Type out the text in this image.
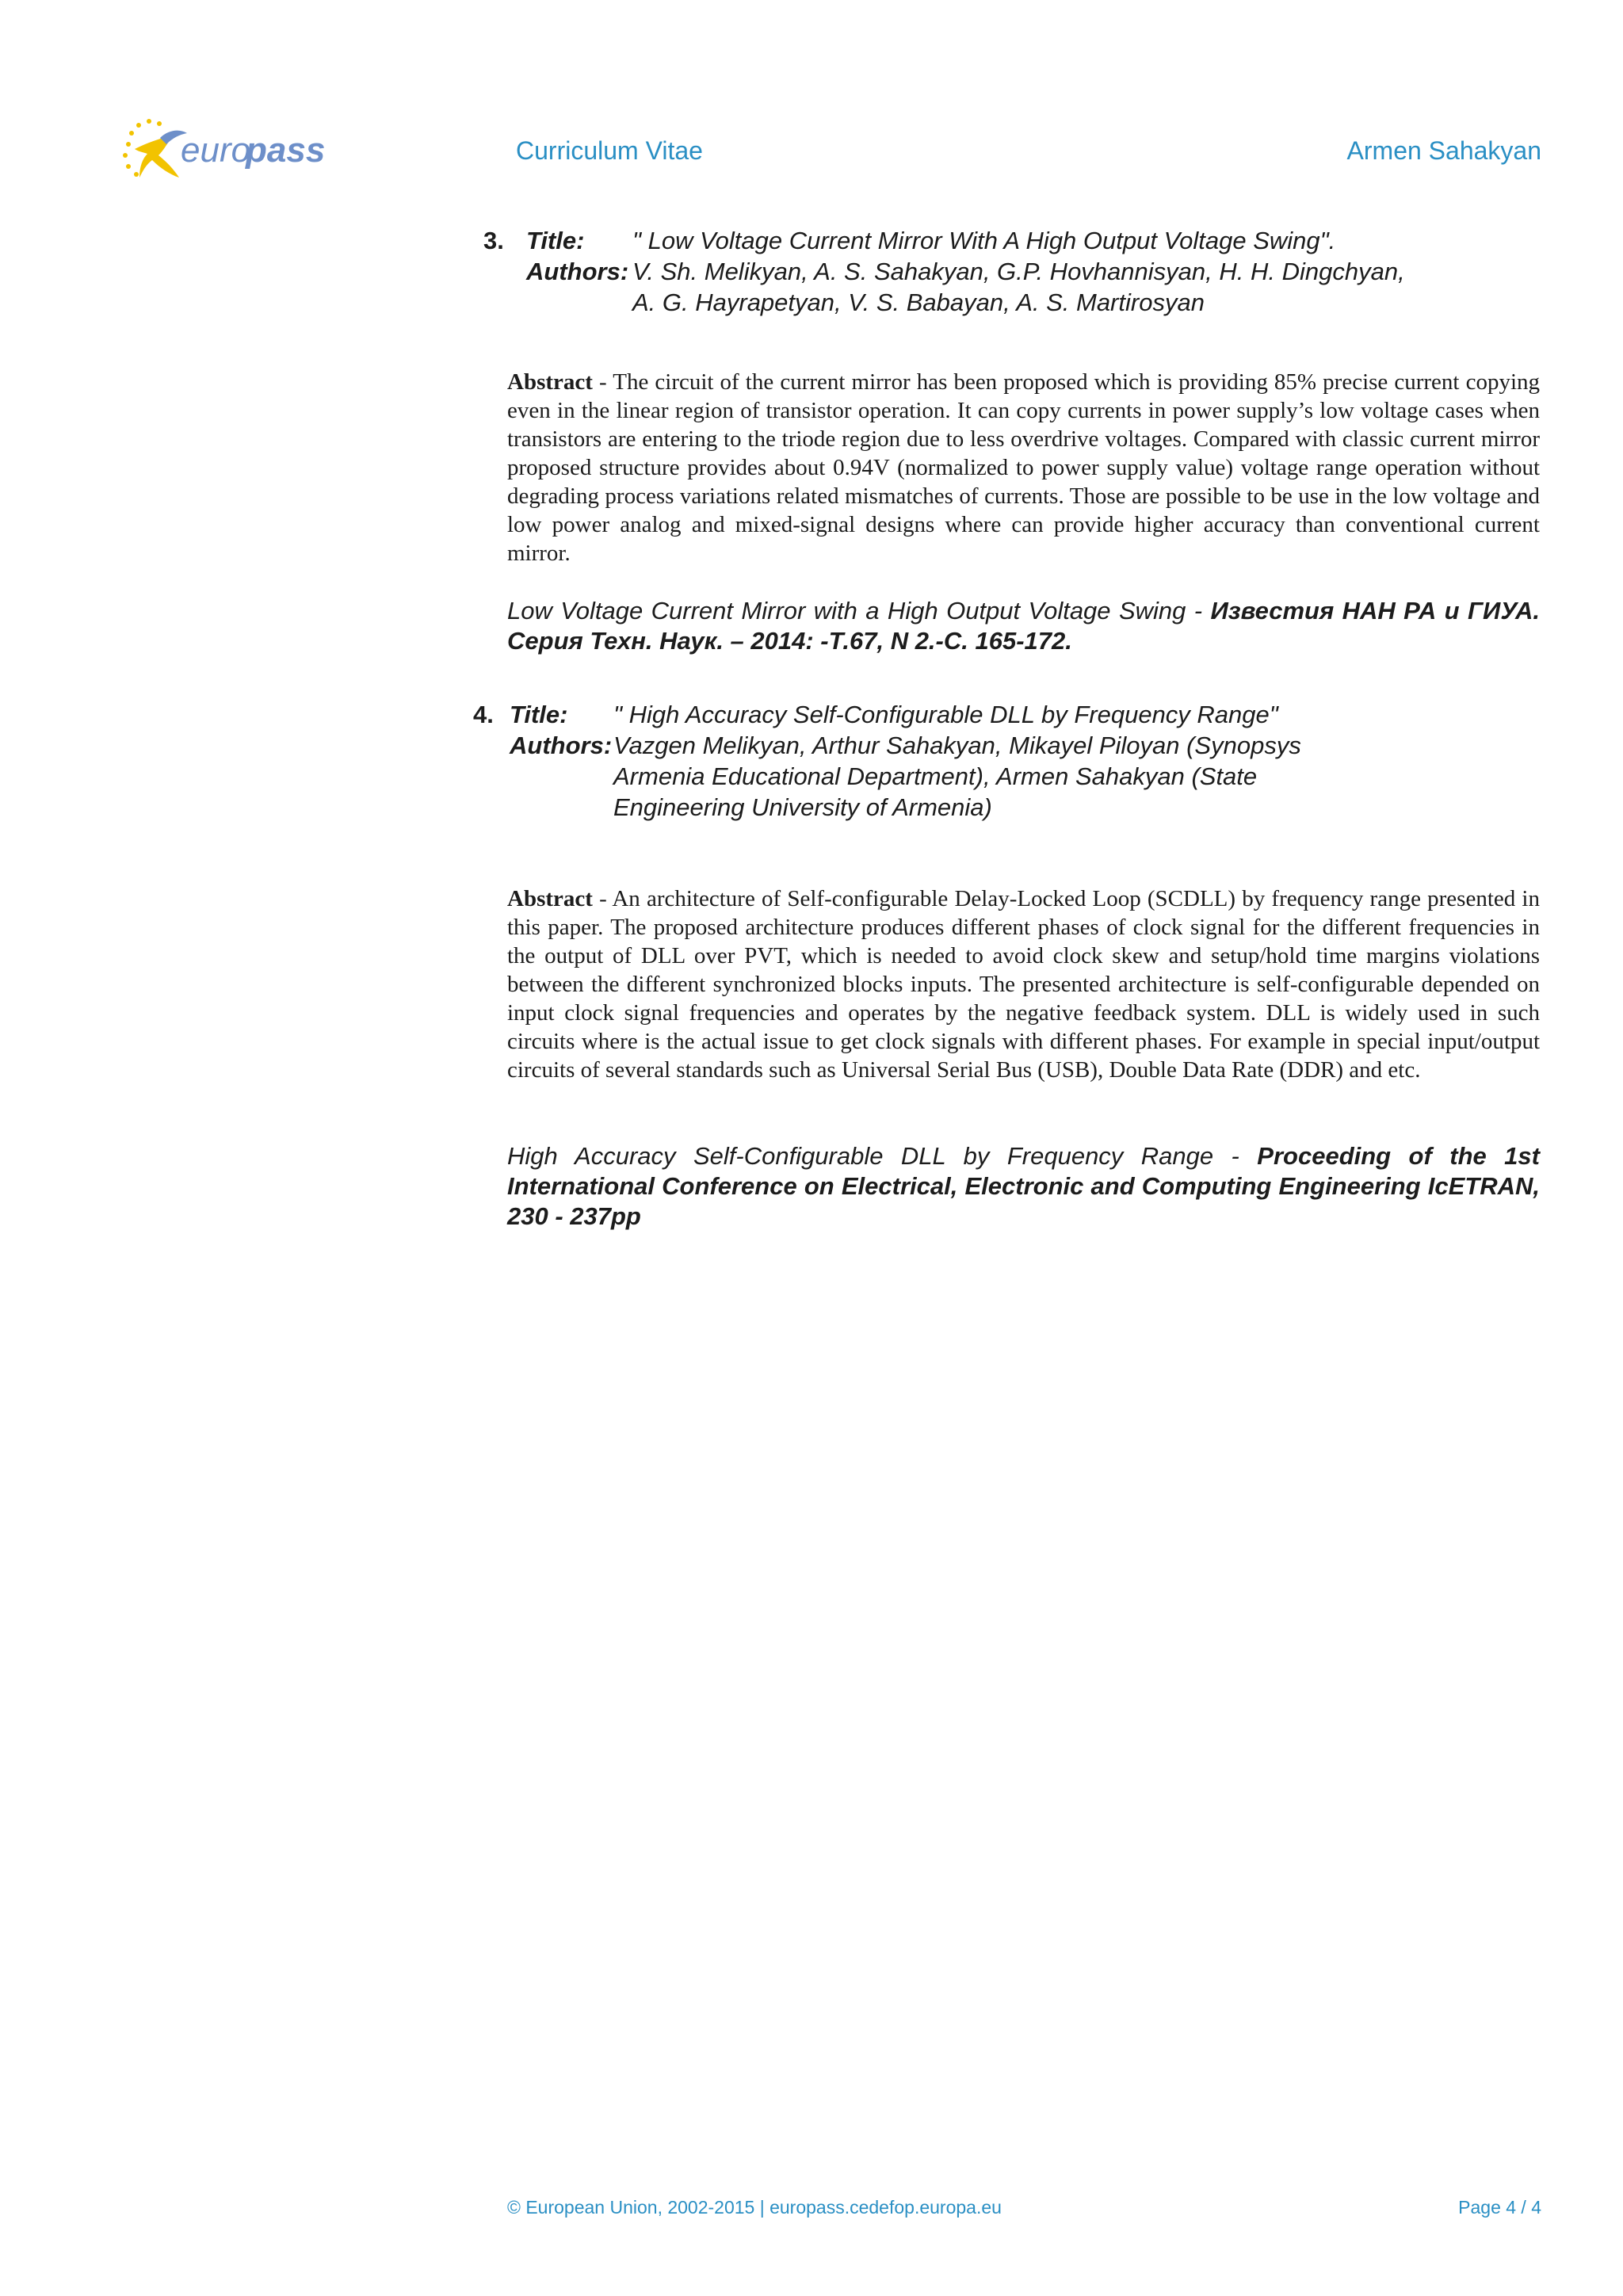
euro
pass	Curriculum Vitae	Armen Sahakyan
3. Title:	" Low Voltage Current Mirror With A High Output Voltage Swing".
Authors: V. Sh. Melikyan, A. S. Sahakyan, G.P. Hovhannisyan, H. H. Dingchyan, A. G. Hayrapetyan, V. S. Babayan, A. S. Martirosyan
Abstract - The circuit of the current mirror has been proposed which is providing 85% precise current copying even in the linear region of transistor operation. It can copy currents in power supply’s low voltage cases when transistors are entering to the triode region due to less overdrive voltages. Compared with classic current mirror proposed structure provides about 0.94V (normalized to power supply value) voltage range operation without degrading process variations related mismatches of currents. Those are possible to be use in the low voltage and low power analog and mixed-signal designs where can provide higher accuracy than conventional current mirror.
Low Voltage Current Mirror with a High Output Voltage Swing - Известия НАН РА и ГИУА. Серия Техн. Наук. – 2014: -Т.67, N 2.-С. 165-172.
4. Title:	" High Accuracy Self-Configurable DLL by Frequency Range"
Authors: Vazgen Melikyan, Arthur Sahakyan, Mikayel Piloyan (Synopsys Armenia Educational Department), Armen Sahakyan (State Engineering University of Armenia)
Abstract - An architecture of Self-configurable Delay-Locked Loop (SCDLL) by frequency range presented in this paper. The proposed architecture produces different phases of clock signal for the different frequencies in the output of DLL over PVT, which is needed to avoid clock skew and setup/hold time margins violations between the different synchronized blocks inputs. The presented architecture is self-configurable depended on input clock signal frequencies and operates by the negative feedback system. DLL is widely used in such circuits where is the actual issue to get clock signals with different phases. For example in special input/output circuits of several standards such as Universal Serial Bus (USB), Double Data Rate (DDR) and etc.
High Accuracy Self-Configurable DLL by Frequency Range - Proceeding of the 1st International Conference on Electrical, Electronic and Computing Engineering IcETRAN, 230 - 237pp
© European Union, 2002-2015 | europass.cedefop.europa.eu	Page 4 / 4
